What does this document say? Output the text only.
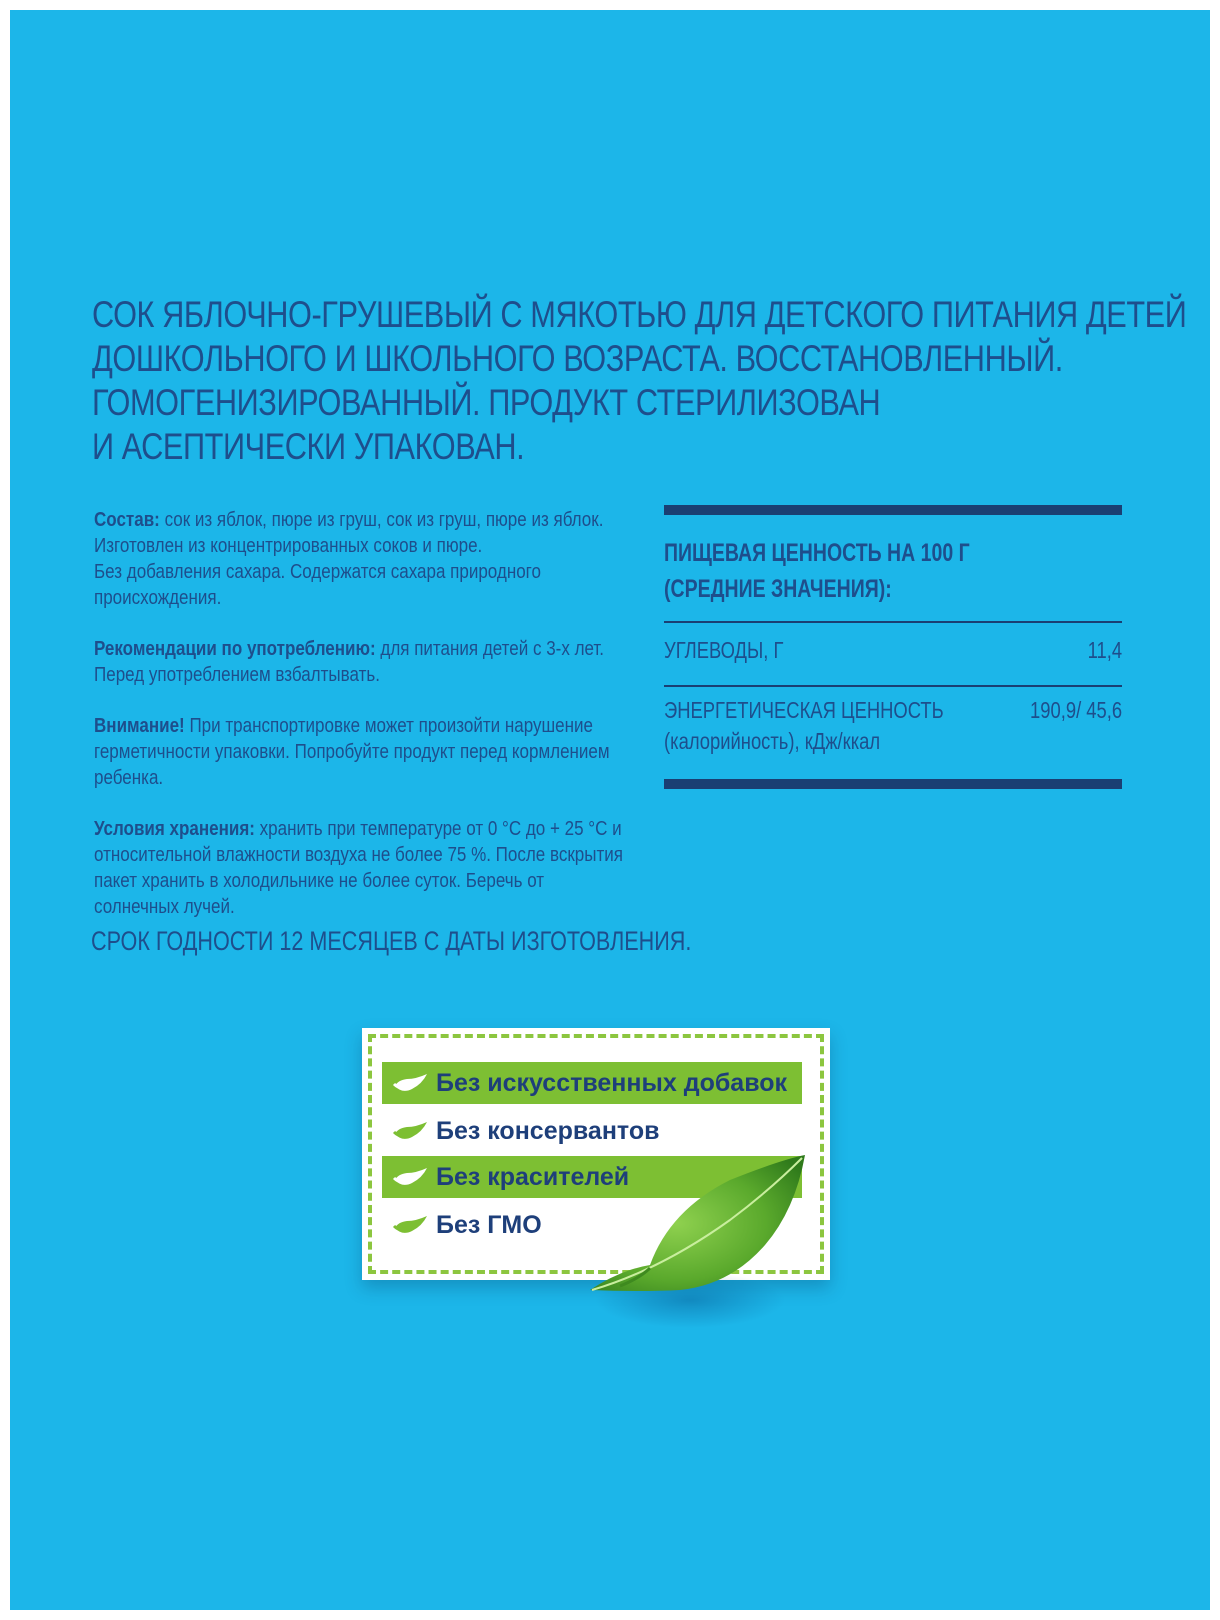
СОК ЯБЛОЧНО-ГРУШЕВЫЙ С МЯКОТЬЮ ДЛЯ ДЕТСКОГО ПИТАНИЯ ДЕТЕЙ
ДОШКОЛЬНОГО И ШКОЛЬНОГО ВОЗРАСТА. ВОССТАНОВЛЕННЫЙ.
ГОМОГЕНИЗИРОВАННЫЙ. ПРОДУКТ СТЕРИЛИЗОВАН
И АСЕПТИЧЕСКИ УПАКОВАН.

Состав: сок из яблок, пюре из груш, сок из груш, пюре из яблок.
Изготовлен из концентрированных соков и пюре.
Без добавления сахара. Содержатся сахара природного происхождения.

Рекомендации по употреблению: для питания детей с 3-х лет. Перед употреблением взбалтывать.

Внимание! При транспортировке может произойти нарушение герметичности упаковки. Попробуйте продукт перед кормлением ребенка.

Условия хранения: хранить при температуре от 0 °С до + 25 °С и относительной влажности воздуха не более 75 %. После вскрытия пакет хранить в холодильнике не более суток. Беречь от солнечных лучей.

СРОК ГОДНОСТИ 12 МЕСЯЦЕВ С ДАТЫ ИЗГОТОВЛЕНИЯ.
ПИЩЕВАЯ ЦЕННОСТЬ НА 100 Г
(СРЕДНИЕ ЗНАЧЕНИЯ):
УГЛЕВОДЫ, Г	11,4
ЭНЕРГЕТИЧЕСКАЯ ЦЕННОСТЬ
(калорийность), кДж/ккал
190,9/ 45,6
Без искусственных добавок
Без консервантов
Без красителей
Без ГМО
